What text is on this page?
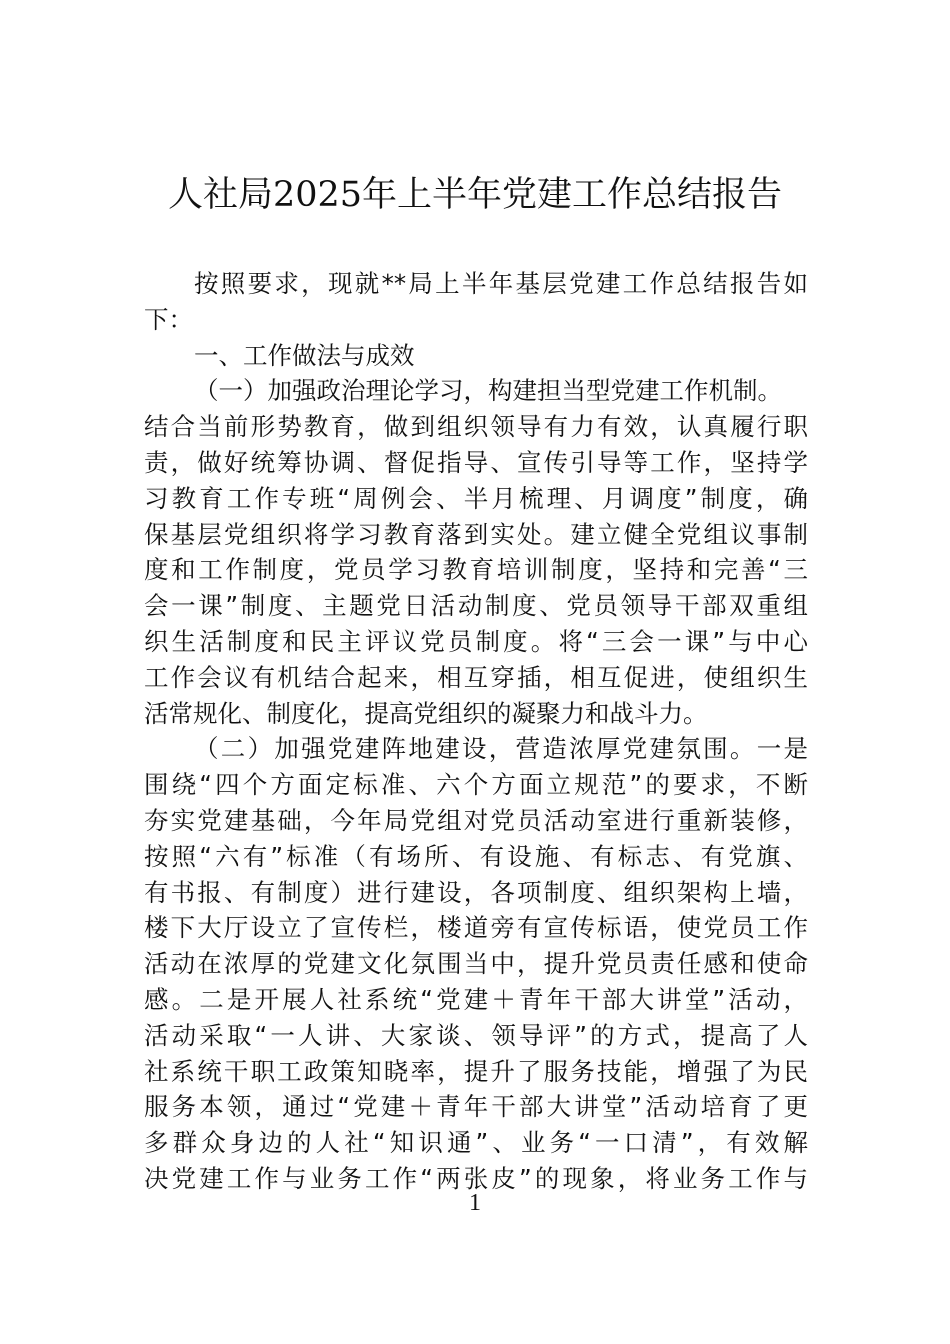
人社局2025年上半年党建工作总结报告
按照要求，现就**局上半年基层党建工作总结报告如
下：
一、工作做法与成效
（一）加强政治理论学习，构建担当型党建工作机制。
结合当前形势教育，做到组织领导有力有效，认真履行职
责，做好统筹协调、督促指导、宣传引导等工作，坚持学
习教育工作专班“周例会、半月梳理、月调度”制度，确
保基层党组织将学习教育落到实处。建立健全党组议事制
度和工作制度，党员学习教育培训制度，坚持和完善“三
会一课”制度、主题党日活动制度、党员领导干部双重组
织生活制度和民主评议党员制度。将“三会一课”与中心
工作会议有机结合起来，相互穿插，相互促进，使组织生
活常规化、制度化，提高党组织的凝聚力和战斗力。
（二）加强党建阵地建设，营造浓厚党建氛围。一是
围绕“四个方面定标准、六个方面立规范”的要求，不断
夯实党建基础，今年局党组对党员活动室进行重新装修，
按照“六有”标准（有场所、有设施、有标志、有党旗、
有书报、有制度）进行建设，各项制度、组织架构上墙，
楼下大厅设立了宣传栏，楼道旁有宣传标语，使党员工作
活动在浓厚的党建文化氛围当中，提升党员责任感和使命
感。二是开展人社系统“党建＋青年干部大讲堂”活动，
活动采取“一人讲、大家谈、领导评”的方式，提高了人
社系统干职工政策知晓率，提升了服务技能，增强了为民
服务本领，通过“党建＋青年干部大讲堂”活动培育了更
多群众身边的人社“知识通”、业务“一口清”，有效解
决党建工作与业务工作“两张皮”的现象，将业务工作与
1
